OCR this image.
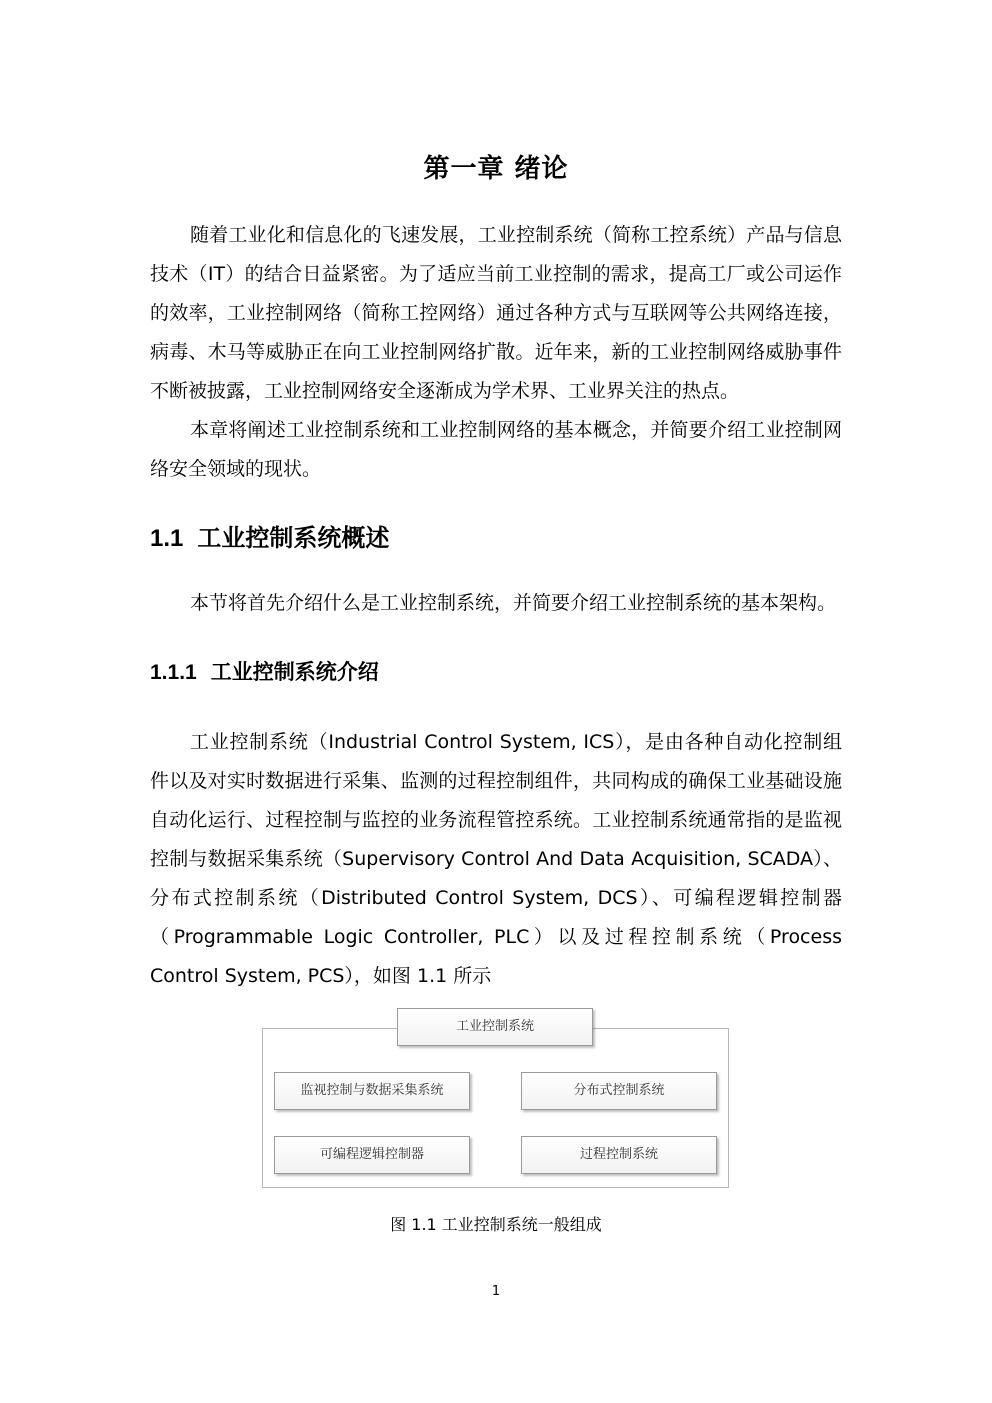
第一章 绪论

随着工业化和信息化的飞速发展，工业控制系统（简称工控系统）产品与信息技术（IT）的结合日益紧密。为了适应当前工业控制的需求，提高工厂或公司运作的效率，工业控制网络（简称工控网络）通过各种方式与互联网等公共网络连接，病毒、木马等威胁正在向工业控制网络扩散。近年来，新的工业控制网络威胁事件不断被披露，工业控制网络安全逐渐成为学术界、工业界关注的热点。

本章将阐述工业控制系统和工业控制网络的基本概念，并简要介绍工业控制网络安全领域的现状。

1.1 工业控制系统概述

本节将首先介绍什么是工业控制系统，并简要介绍工业控制系统的基本架构。

1.1.1 工业控制系统介绍

工业控制系统（Industrial Control System, ICS），是由各种自动化控制组件以及对实时数据进行采集、监测的过程控制组件，共同构成的确保工业基础设施自动化运行、过程控制与监控的业务流程管控系统。工业控制系统通常指的是监视控制与数据采集系统（Supervisory Control And Data Acquisition, SCADA）、分布式控制系统（Distributed Control System, DCS）、可编程逻辑控制器（Programmable Logic Controller, PLC）以及过程控制系统（Process Control System, PCS），如图 1.1 所示

工业控制系统
监视控制与数据采集系统	分布式控制系统
可编程逻辑控制器	过程控制系统
图 1.1 工业控制系统一般组成
1
